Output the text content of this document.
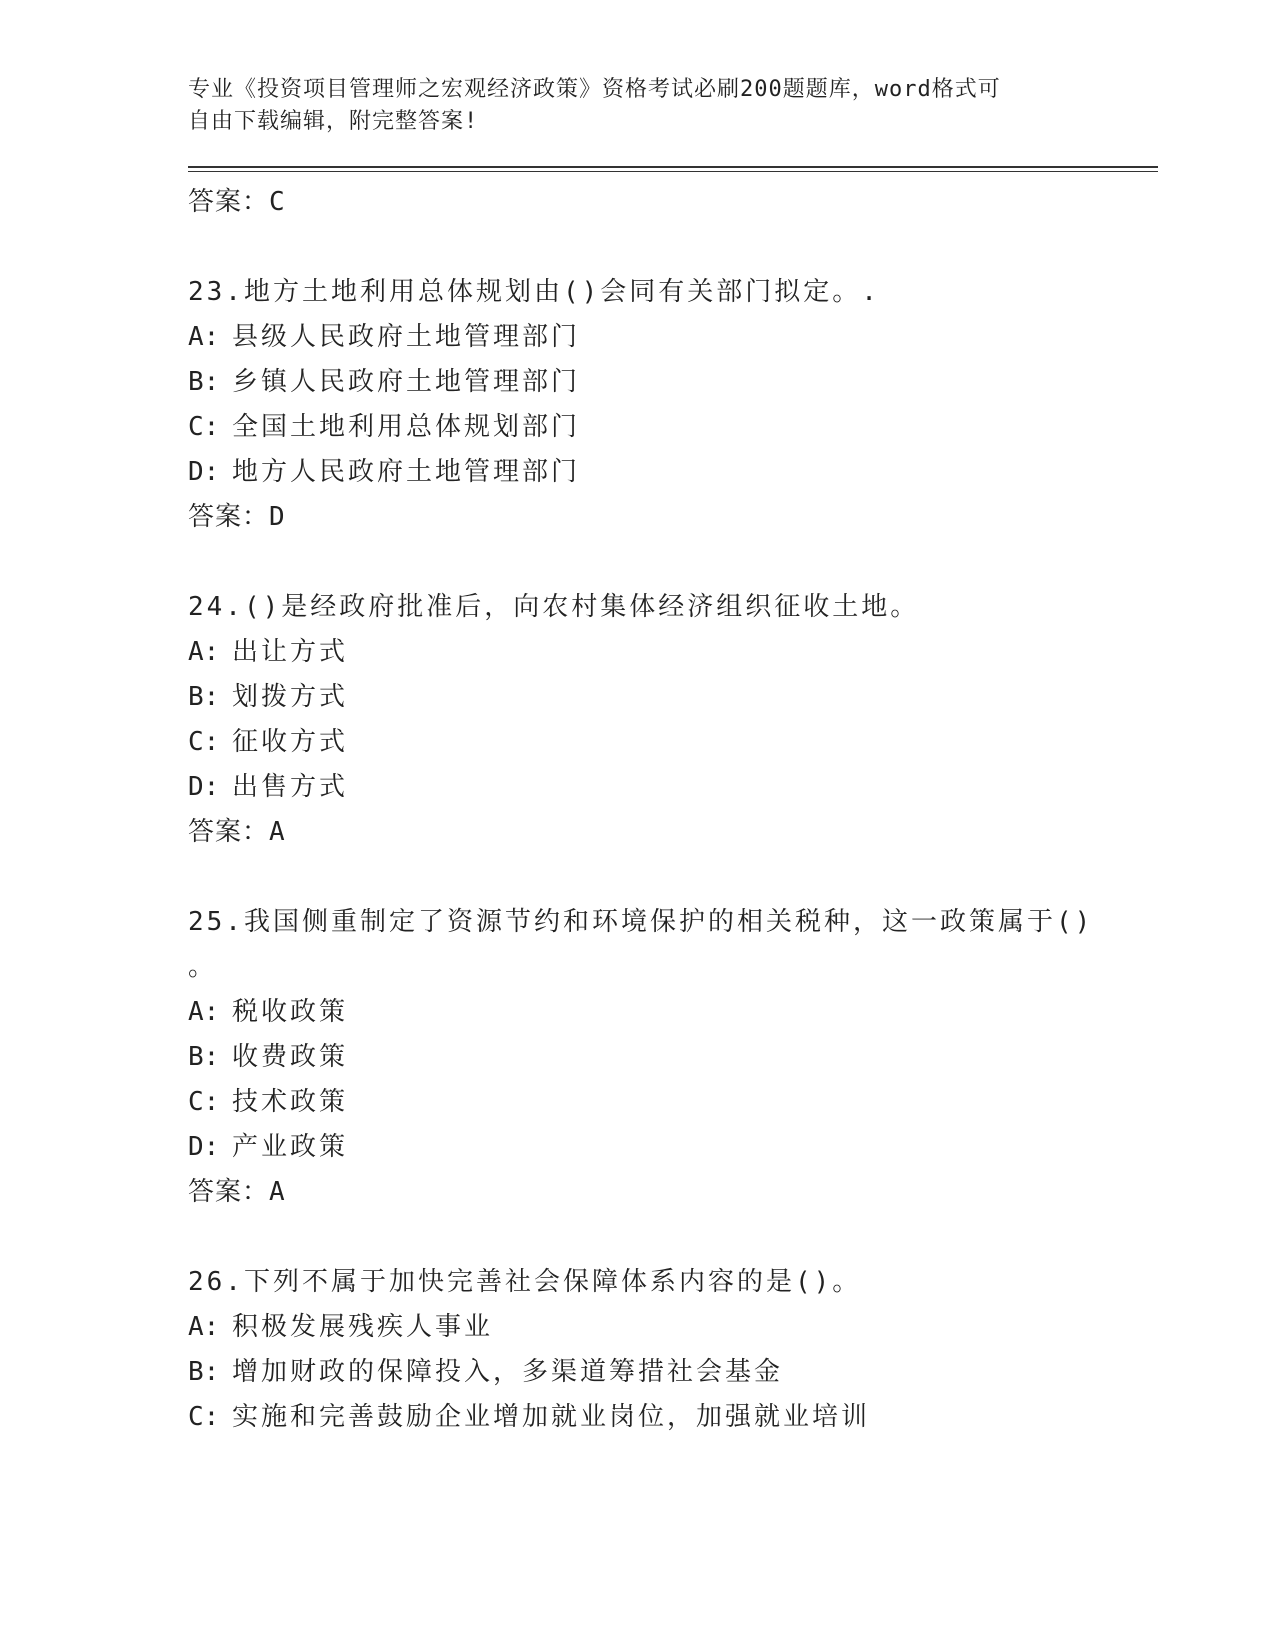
专业《投资项目管理师之宏观经济政策》资格考试必刷200题题库，word格式可
自由下载编辑，附完整答案!
答案：C
23.地方土地利用总体规划由()会同有关部门拟定。.
A: 县级人民政府土地管理部门
B: 乡镇人民政府土地管理部门
C: 全国土地利用总体规划部门
D: 地方人民政府土地管理部门
答案：D
24.()是经政府批准后，向农村集体经济组织征收土地。
A: 出让方式
B: 划拨方式
C: 征收方式
D: 出售方式
答案：A
25.我国侧重制定了资源节约和环境保护的相关税种，这一政策属于()
。
A: 税收政策
B: 收费政策
C: 技术政策
D: 产业政策
答案：A
26.下列不属于加快完善社会保障体系内容的是()。
A: 积极发展残疾人事业
B: 增加财政的保障投入，多渠道筹措社会基金
C: 实施和完善鼓励企业增加就业岗位，加强就业培训
